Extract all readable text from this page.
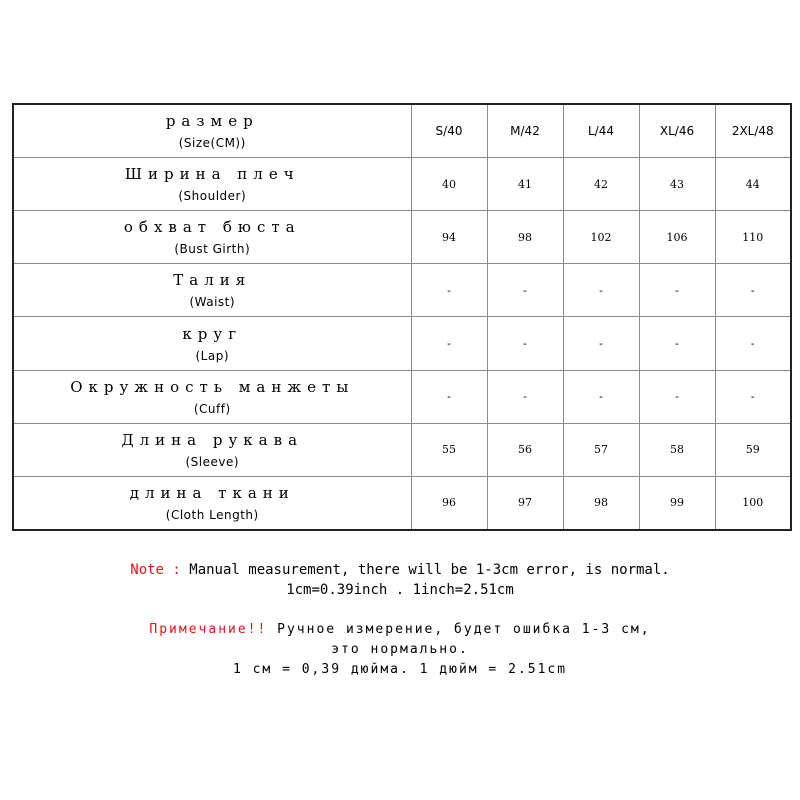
размер
(Size(CM))	S/40	M/42	L/44	XL/46	2XL/48

Ширина плеч
(Shoulder)	40	41	42	43	44

обхват бюста
(Bust Girth)	94	98	102	106	110

Талия
(Waist)	-	-	-	-	-

круг
(Lap)	-	-	-	-	-

Окружность манжеты
(Cuff)	-	-	-	-	-

Длина рукава
(Sleeve)	55	56	57	58	59

длина ткани
(Cloth Length)	96	97	98	99	100
Note : Manual measurement, there will be 1-3cm error, is normal.
1cm=0.39inch . 1inch=2.51cm
Примечание!! Ручное измерение, будет ошибка 1-3 см,
это нормально.
1 см = 0,39 дюйма. 1 дюйм = 2.51cm
